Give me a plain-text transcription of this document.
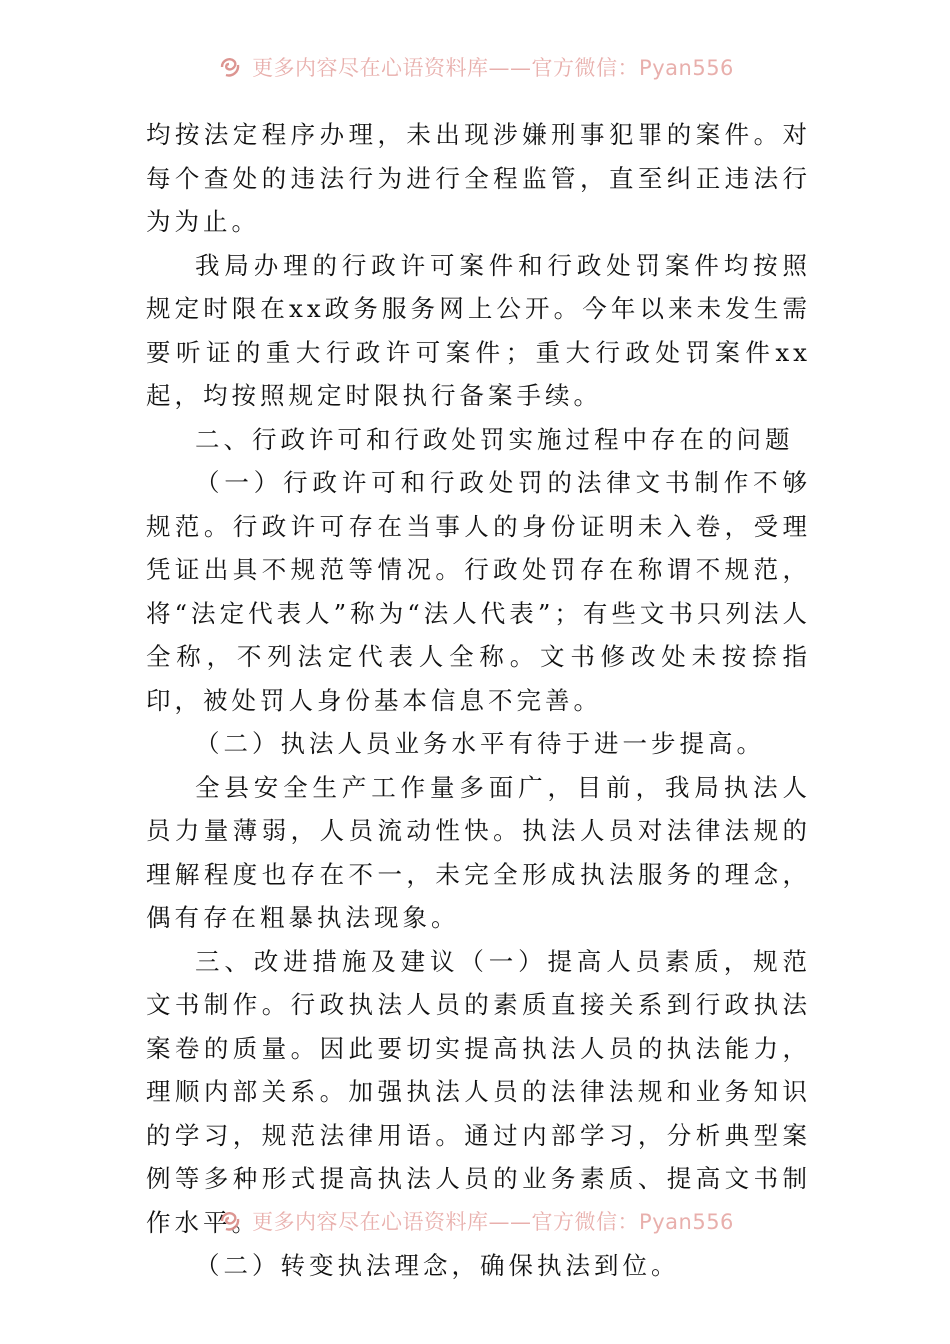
更多内容尽在心语资料库——官方微信：Pyan556

均按法定程序办理，未出现涉嫌刑事犯罪的案件。对每个查处的违法行为进行全程监管，直至纠正违法行为为止。

我局办理的行政许可案件和行政处罚案件均按照规定时限在xx政务服务网上公开。今年以来未发生需要听证的重大行政许可案件；重大行政处罚案件xx起，均按照规定时限执行备案手续。

二、行政许可和行政处罚实施过程中存在的问题

（一）行政许可和行政处罚的法律文书制作不够规范。行政许可存在当事人的身份证明未入卷，受理凭证出具不规范等情况。行政处罚存在称谓不规范，将“法定代表人”称为“法人代表”；有些文书只列法人全称，不列法定代表人全称。文书修改处未按捺指印，被处罚人身份基本信息不完善。

（二）执法人员业务水平有待于进一步提高。

全县安全生产工作量多面广，目前，我局执法人员力量薄弱，人员流动性快。执法人员对法律法规的理解程度也存在不一，未完全形成执法服务的理念，偶有存在粗暴执法现象。

三、改进措施及建议（一）提高人员素质，规范文书制作。行政执法人员的素质直接关系到行政执法案卷的质量。因此要切实提高执法人员的执法能力，理顺内部关系。加强执法人员的法律法规和业务知识的学习，规范法律用语。通过内部学习，分析典型案例等多种形式提高执法人员的业务素质、提高文书制作水平。

（二）转变执法理念，确保执法到位。

更多内容尽在心语资料库——官方微信：Pyan556
